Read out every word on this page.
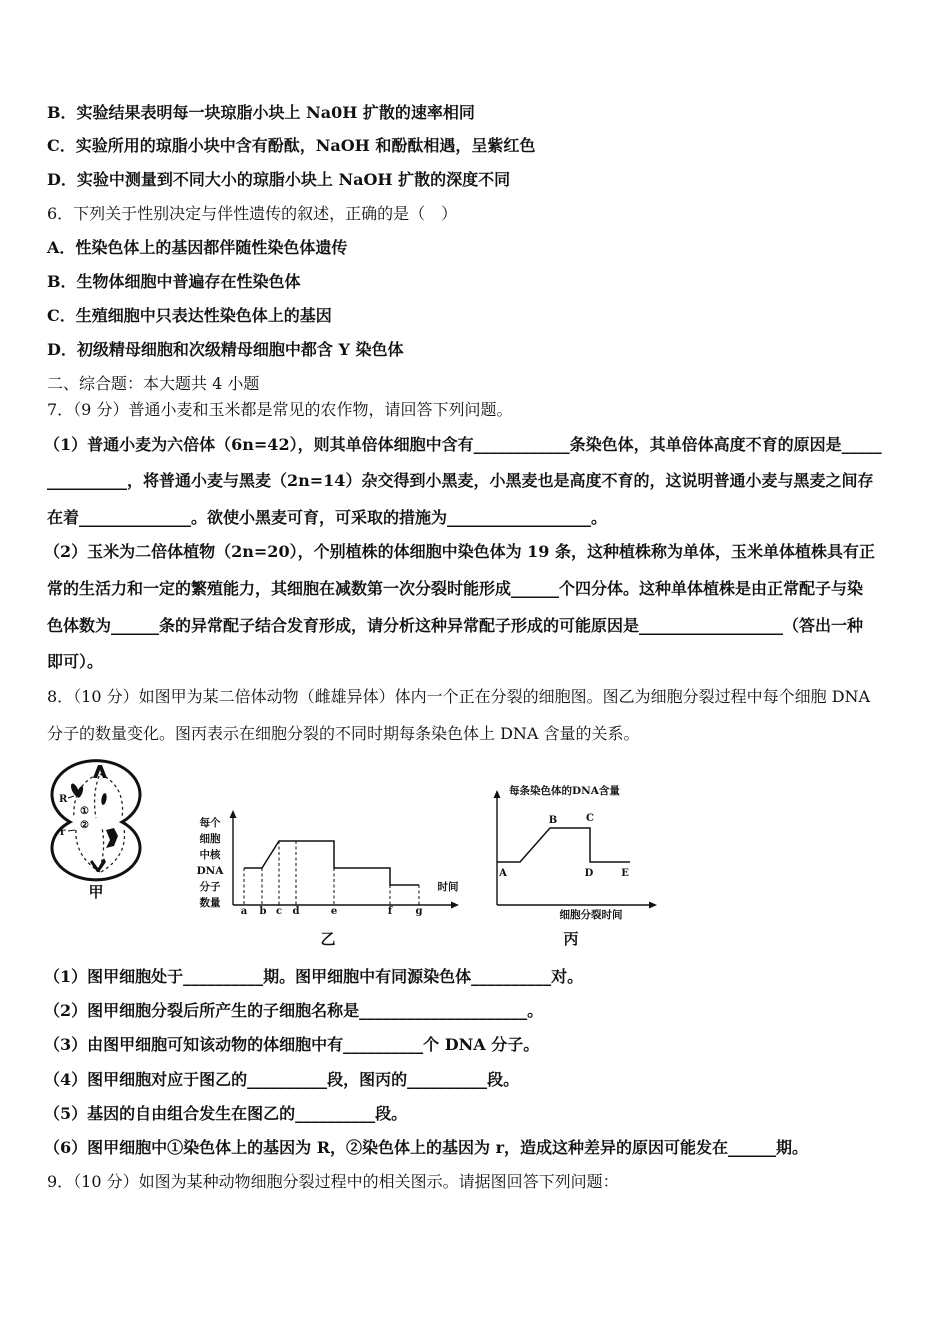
B．实验结果表明每一块琼脂小块上 Na0H 扩散的速率相同
C．实验所用的琼脂小块中含有酚酞，NaOH 和酚酞相遇，呈紫红色
D．实验中测量到不同大小的琼脂小块上 NaOH 扩散的深度不同
6．下列关于性别决定与伴性遗传的叙述，正确的是（　）
A．性染色体上的基因都伴随性染色体遗传
B．生物体细胞中普遍存在性染色体
C．生殖细胞中只表达性染色体上的基因
D．初级精母细胞和次级精母细胞中都含 Y 染色体
二、综合题：本大题共 4 小题
7．（9 分）普通小麦和玉米都是常见的农作物，请回答下列问题。
（1）普通小麦为六倍体（6n=42），则其单倍体细胞中含有____________条染色体，其单倍体高度不育的原因是_____
__________，将普通小麦与黑麦（2n=14）杂交得到小黑麦，小黑麦也是高度不育的，这说明普通小麦与黑麦之间存
在着______________。欲使小黑麦可育，可采取的措施为__________________。
（2）玉米为二倍体植物（2n=20），个别植株的体细胞中染色体为 19 条，这种植株称为单体，玉米单体植株具有正
常的生活力和一定的繁殖能力，其细胞在减数第一次分裂时能形成______个四分体。这种单体植株是由正常配子与染
色体数为______条的异常配子结合发育形成，请分析这种异常配子形成的可能原因是__________________（答出一种
即可）。
8．（10 分）如图甲为某二倍体动物（雌雄异体）体内一个正在分裂的细胞图。图乙为细胞分裂过程中每个细胞 DNA
分子的数量变化。图丙表示在细胞分裂的不同时期每条染色体上 DNA 含量的关系。
R
①
②
r
甲
每个
细胞
中核
DNA
分子
数量
时间
a b c d	e	f g
乙
每条染色体的DNA含量
细胞分裂时间
A
B	C
D	E
丙
（1）图甲细胞处于__________期。图甲细胞中有同源染色体__________对。
（2）图甲细胞分裂后所产生的子细胞名称是_____________________。
（3）由图甲细胞可知该动物的体细胞中有__________个 DNA 分子。
（4）图甲细胞对应于图乙的__________段，图丙的__________段。
（5）基因的自由组合发生在图乙的__________段。
（6）图甲细胞中①染色体上的基因为 R，②染色体上的基因为 r，造成这种差异的原因可能发在______期。
9．（10 分）如图为某种动物细胞分裂过程中的相关图示。请据图回答下列问题：
